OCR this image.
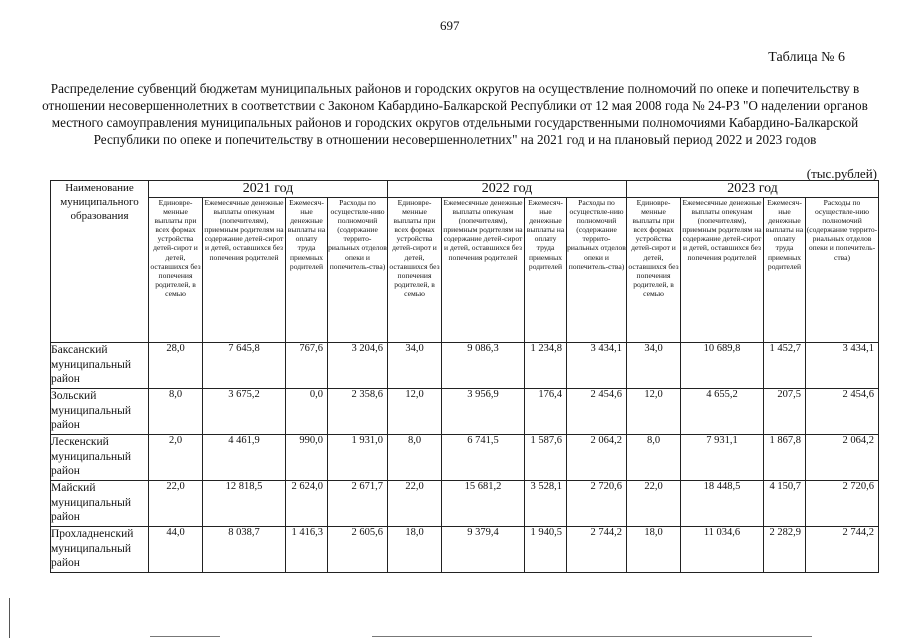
697
Таблица № 6
Распределение субвенций бюджетам муниципальных районов и городских округов на осуществление полномочий по опеке и попечительству в отношении несовершеннолетних в соответствии с Законом Кабардино-Балкарской Республики от 12 мая 2008 года № 24-РЗ "О наделении органов местного самоуправления муниципальных районов и городских округов отдельными государственными полномочиями Кабардино-Балкарской Республики по опеке и попечительству в отношении несовершеннолетних" на 2021 год и на плановый период 2022 и 2023 годов
(тыс.рублей)
Наименование муниципального образования	2021 год				2022 год				2023 год			
	Единовре-менные выплаты при всех формах устройства детей-сирот и детей, оставшихся без попечения родителей, в семью	Ежемесячные денежные выплаты опекунам (попечителям), приемным родителям на содержание детей-сирот и детей, оставшихся без попечения родителей	Ежемесяч-ные денежные выплаты на оплату труда приемных родителей	Расходы по осуществле-нию полномочий (содержание террито-риальных отделов опеки и попечитель-ства)	Единовре-менные выплаты при всех формах устройства детей-сирот и детей, оставшихся без попечения родителей, в семью	Ежемесячные денежные выплаты опекунам (попечителям), приемным родителям на содержание детей-сирот и детей, оставшихся без попечения родителей	Ежемесяч-ные денежные выплаты на оплату труда приемных родителей	Расходы по осуществле-нию полномочий (содержание террито-риальных отделов опеки и попечитель-ства)	Единовре-менные выплаты при всех формах устройства детей-сирот и детей, оставшихся без попечения родителей, в семью	Ежемесячные денежные выплаты опекунам (попечителям), приемным родителям на содержание детей-сирот и детей, оставшихся без попечения родителей	Ежемесяч-ные денежные выплаты на оплату труда приемных родителей	Расходы по осуществле-нию полномочий (содержание террито-риальных отделов опеки и попечитель-ства)
Баксанский муниципальный район	28,0	7 645,8	767,6	3 204,6	34,0	9 086,3	1 234,8	3 434,1	34,0	10 689,8	1 452,7	3 434,1
Зольский муниципальный район	8,0	3 675,2	0,0	2 358,6	12,0	3 956,9	176,4	2 454,6	12,0	4 655,2	207,5	2 454,6
Лескенский муниципальный район	2,0	4 461,9	990,0	1 931,0	8,0	6 741,5	1 587,6	2 064,2	8,0	7 931,1	1 867,8	2 064,2
Майский муниципальный район	22,0	12 818,5	2 624,0	2 671,7	22,0	15 681,2	3 528,1	2 720,6	22,0	18 448,5	4 150,7	2 720,6
Прохладненский муниципальный район	44,0	8 038,7	1 416,3	2 605,6	18,0	9 379,4	1 940,5	2 744,2	18,0	11 034,6	2 282,9	2 744,2
